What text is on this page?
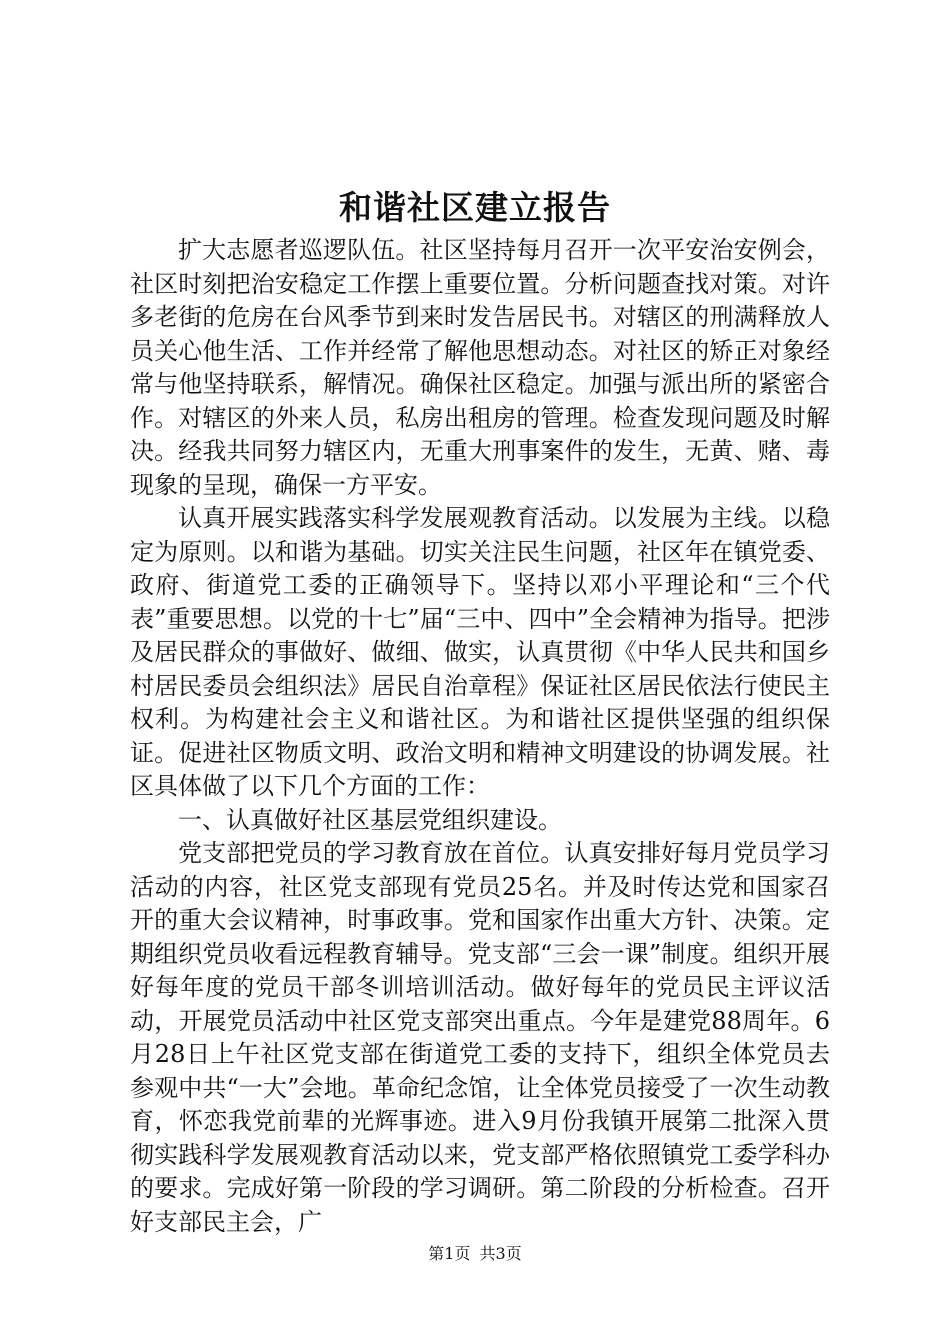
和谐社区建立报告

扩大志愿者巡逻队伍。社区坚持每月召开一次平安治安例会，社区时刻把治安稳定工作摆上重要位置。分析问题查找对策。对许多老街的危房在台风季节到来时发告居民书。对辖区的刑满释放人员关心他生活、工作并经常了解他思想动态。对社区的矫正对象经常与他坚持联系，解情况。确保社区稳定。加强与派出所的紧密合作。对辖区的外来人员，私房出租房的管理。检查发现问题及时解决。经我共同努力辖区内，无重大刑事案件的发生，无黄、赌、毒现象的呈现，确保一方平安。

认真开展实践落实科学发展观教育活动。以发展为主线。以稳定为原则。以和谐为基础。切实关注民生问题，社区年在镇党委、政府、街道党工委的正确领导下。坚持以邓小平理论和“三个代表”重要思想。以党的十七”届“三中、四中”全会精神为指导。把涉及居民群众的事做好、做细、做实，认真贯彻《中华人民共和国乡村居民委员会组织法》居民自治章程》保证社区居民依法行使民主权利。为构建社会主义和谐社区。为和谐社区提供坚强的组织保证。促进社区物质文明、政治文明和精神文明建设的协调发展。社区具体做了以下几个方面的工作：

一、认真做好社区基层党组织建设。

党支部把党员的学习教育放在首位。认真安排好每月党员学习活动的内容，社区党支部现有党员25名。并及时传达党和国家召开的重大会议精神，时事政事。党和国家作出重大方针、决策。定期组织党员收看远程教育辅导。党支部“三会一课”制度。组织开展好每年度的党员干部冬训培训活动。做好每年的党员民主评议活动，开展党员活动中社区党支部突出重点。今年是建党88周年。6月28日上午社区党支部在街道党工委的支持下，组织全体党员去参观中共“一大”会地。革命纪念馆，让全体党员接受了一次生动教育，怀恋我党前辈的光辉事迹。进入9月份我镇开展第二批深入贯彻实践科学发展观教育活动以来，党支部严格依照镇党工委学科办的要求。完成好第一阶段的学习调研。第二阶段的分析检查。召开好支部民主会，广

第1页 共3页
